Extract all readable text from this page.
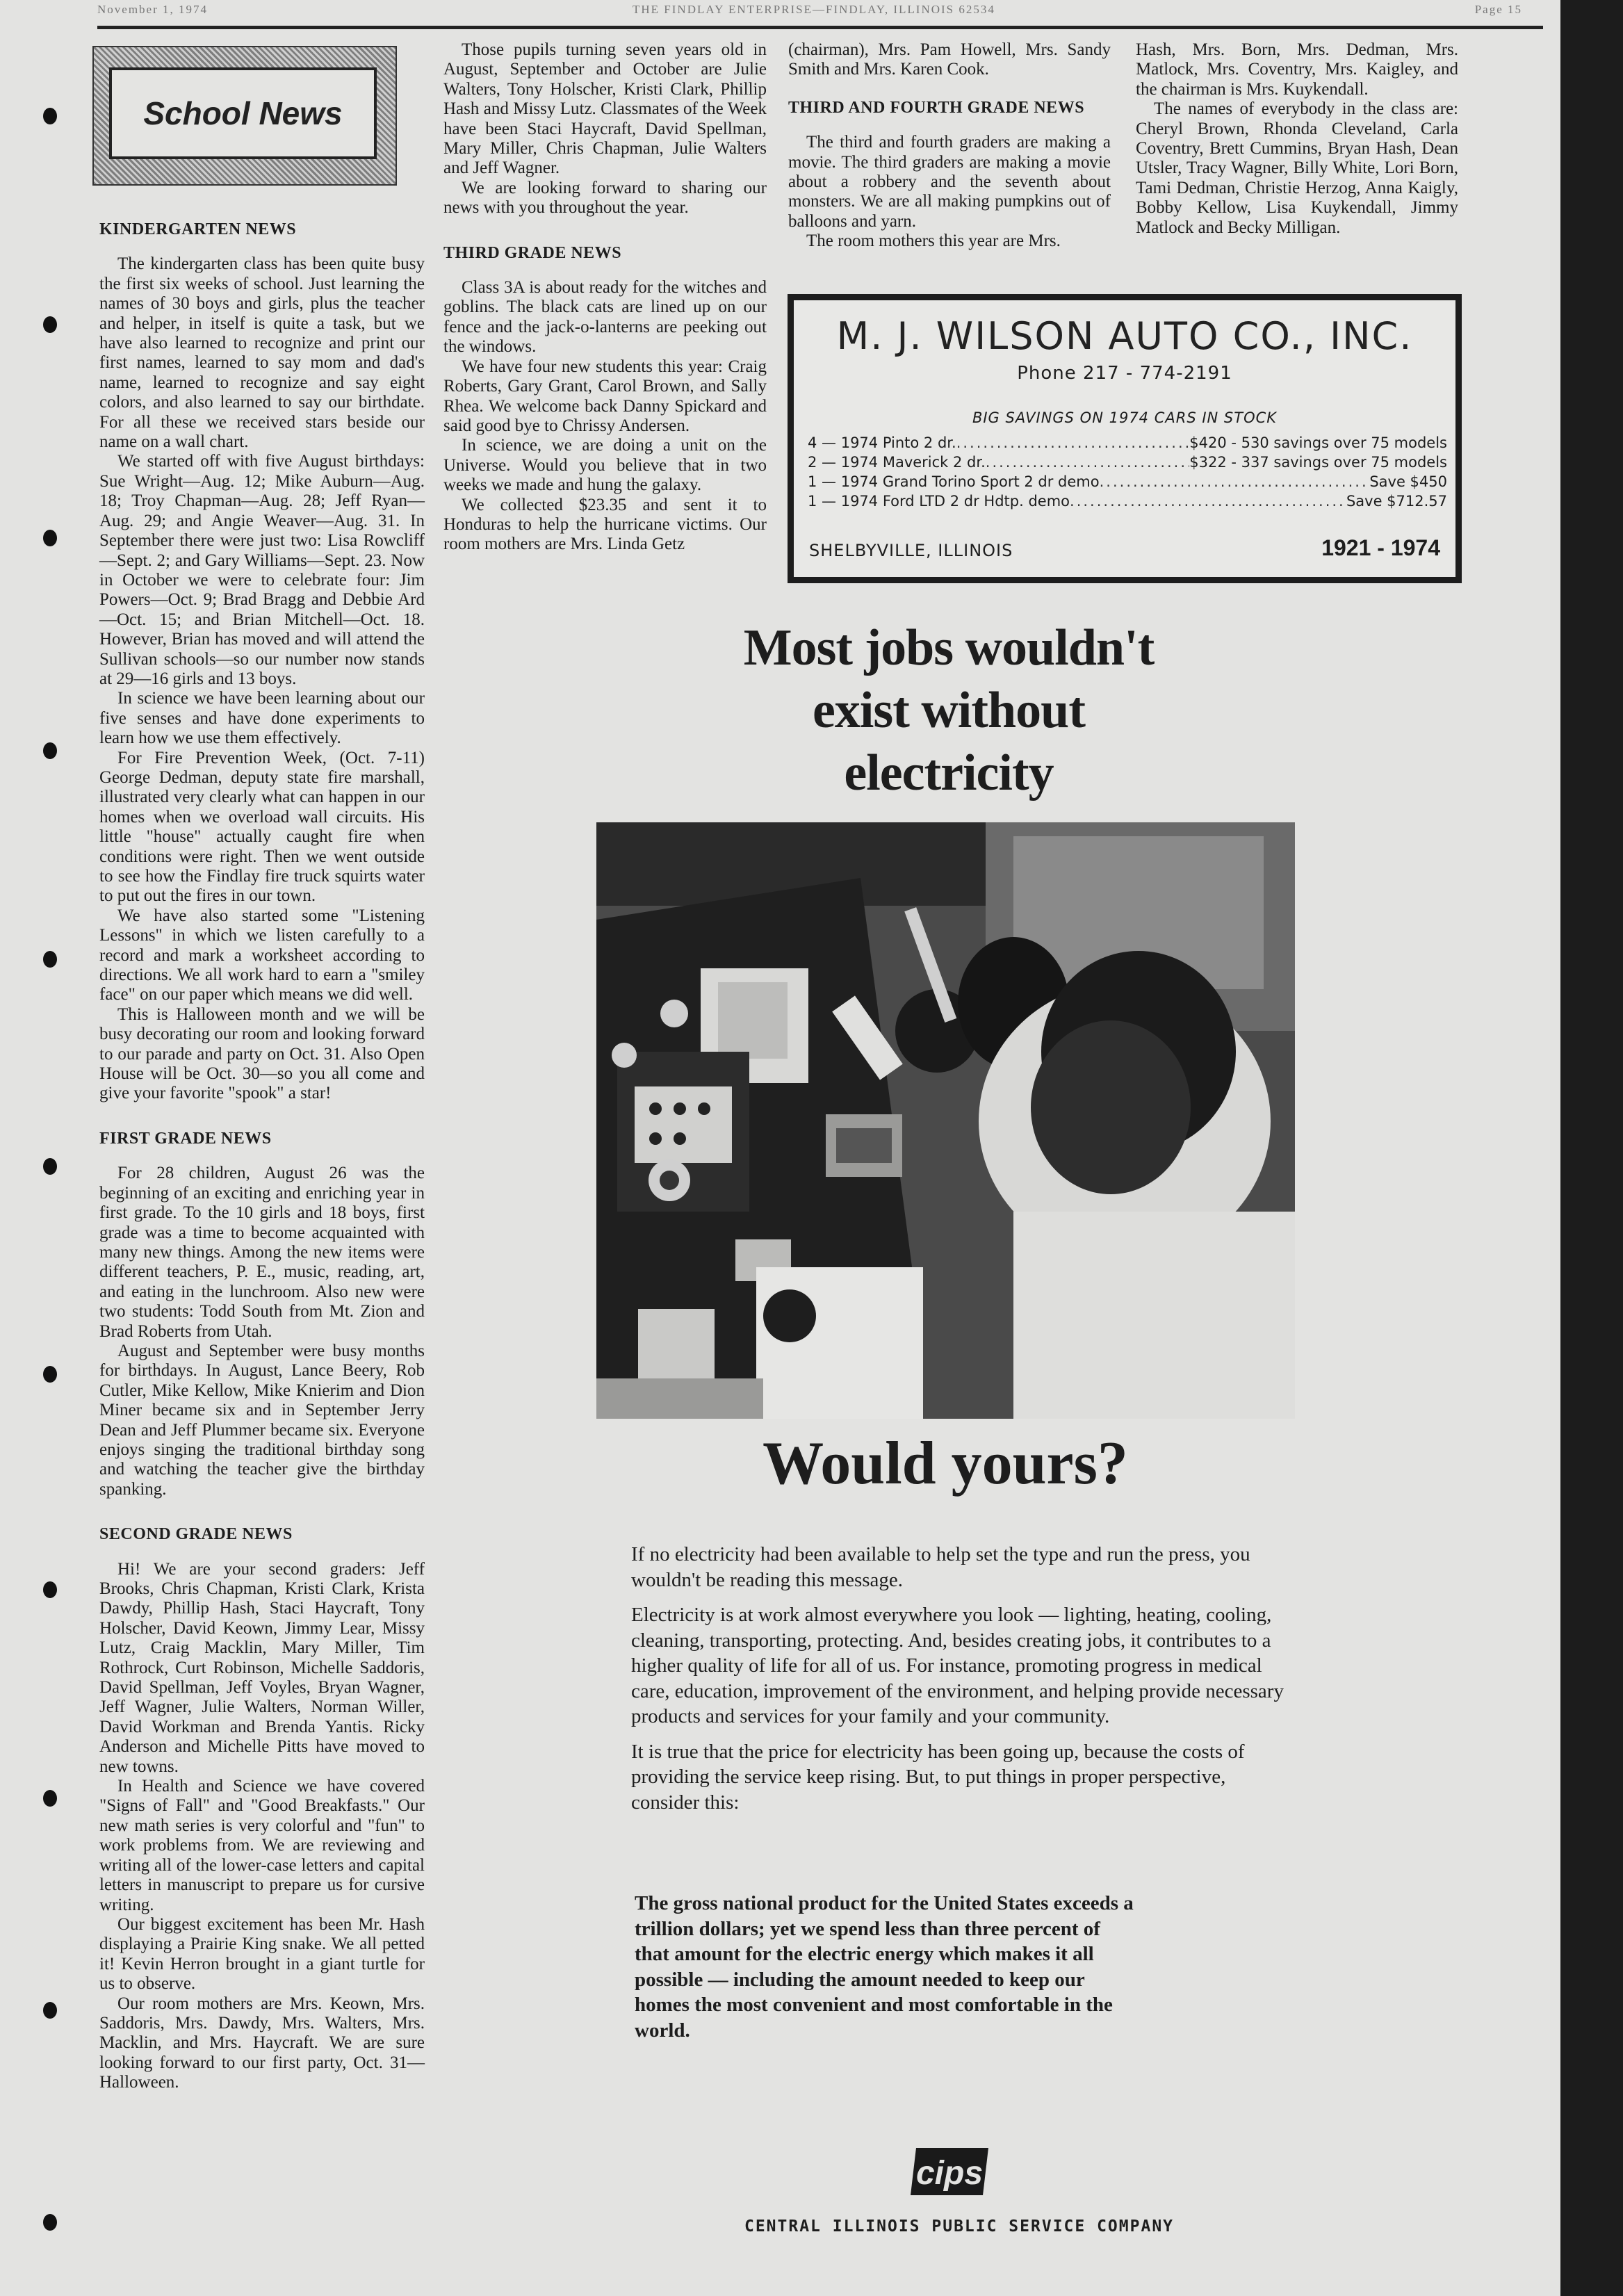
November 1, 1974	THE FINDLAY ENTERPRISE—FINDLAY, ILLINOIS 62534	Page 15
School News
KINDERGARTEN NEWS

The kindergarten class has been quite busy the first six weeks of school. Just learning the names of 30 boys and girls, plus the teacher and helper, in itself is quite a task, but we have also learned to recognize and print our first names, learned to say mom and dad's name, learned to recognize and say eight colors, and also learned to say our birthdate. For all these we received stars beside our name on a wall chart.

We started off with five August birthdays: Sue Wright—Aug. 12; Mike Auburn—Aug. 18; Troy Chapman—Aug. 28; Jeff Ryan—Aug. 29; and Angie Weaver—Aug. 31. In September there were just two: Lisa Rowcliff—Sept. 2; and Gary Williams—Sept. 23. Now in October we were to celebrate four: Jim Powers—Oct. 9; Brad Bragg and Debbie Ard—Oct. 15; and Brian Mitchell—Oct. 18. However, Brian has moved and will attend the Sullivan schools—so our number now stands at 29—16 girls and 13 boys.

In science we have been learning about our five senses and have done experiments to learn how we use them effectively.

For Fire Prevention Week, (Oct. 7-11) George Dedman, deputy state fire marshall, illustrated very clearly what can happen in our homes when we overload wall circuits. His little "house" actually caught fire when conditions were right. Then we went outside to see how the Findlay fire truck squirts water to put out the fires in our town.

We have also started some "Listening Lessons" in which we listen carefully to a record and mark a worksheet according to directions. We all work hard to earn a "smiley face" on our paper which means we did well.

This is Halloween month and we will be busy decorating our room and looking forward to our parade and party on Oct. 31. Also Open House will be Oct. 30—so you all come and give your favorite "spook" a star!

FIRST GRADE NEWS

For 28 children, August 26 was the beginning of an exciting and enriching year in first grade. To the 10 girls and 18 boys, first grade was a time to become acquainted with many new things. Among the new items were different teachers, P. E., music, reading, art, and eating in the lunchroom. Also new were two students: Todd South from Mt. Zion and Brad Roberts from Utah.

August and September were busy months for birthdays. In August, Lance Beery, Rob Cutler, Mike Kellow, Mike Knierim and Dion Miner became six and in September Jerry Dean and Jeff Plummer became six. Everyone enjoys singing the traditional birthday song and watching the teacher give the birthday spanking.

SECOND GRADE NEWS

Hi! We are your second graders: Jeff Brooks, Chris Chapman, Kristi Clark, Krista Dawdy, Phillip Hash, Staci Haycraft, Tony Holscher, David Keown, Jimmy Lear, Missy Lutz, Craig Macklin, Mary Miller, Tim Rothrock, Curt Robinson, Michelle Saddoris, David Spellman, Jeff Voyles, Bryan Wagner, Jeff Wagner, Julie Walters, Norman Willer, David Workman and Brenda Yantis. Ricky Anderson and Michelle Pitts have moved to new towns.

In Health and Science we have covered "Signs of Fall" and "Good Breakfasts." Our new math series is very colorful and "fun" to work problems from. We are reviewing and writing all of the lower-case letters and capital letters in manuscript to prepare us for cursive writing.

Our biggest excitement has been Mr. Hash displaying a Prairie King snake. We all petted it! Kevin Herron brought in a giant turtle for us to observe.

Our room mothers are Mrs. Keown, Mrs. Saddoris, Mrs. Dawdy, Mrs. Walters, Mrs. Macklin, and Mrs. Haycraft. We are sure looking forward to our first party, Oct. 31—Halloween.

Those pupils turning seven years old in August, September and October are Julie Walters, Tony Holscher, Kristi Clark, Phillip Hash and Missy Lutz. Classmates of the Week have been Staci Haycraft, David Spellman, Mary Miller, Chris Chapman, Julie Walters and Jeff Wagner.

We are looking forward to sharing our news with you throughout the year.

THIRD GRADE NEWS

Class 3A is about ready for the witches and goblins. The black cats are lined up on our fence and the jack-o-lanterns are peeking out the windows.

We have four new students this year: Craig Roberts, Gary Grant, Carol Brown, and Sally Rhea. We welcome back Danny Spickard and said good bye to Chrissy Andersen.

In science, we are doing a unit on the Universe. Would you believe that in two weeks we made and hung the galaxy.

We collected $23.35 and sent it to Honduras to help the hurricane victims. Our room mothers are Mrs. Linda Getz

(chairman), Mrs. Pam Howell, Mrs. Sandy Smith and Mrs. Karen Cook.

THIRD AND FOURTH GRADE NEWS

The third and fourth graders are making a movie. The third graders are making a movie about a robbery and the seventh about monsters. We are all making pumpkins out of balloons and yarn.

The room mothers this year are Mrs.

Hash, Mrs. Born, Mrs. Dedman, Mrs. Matlock, Mrs. Coventry, Mrs. Kaigley, and the chairman is Mrs. Kuykendall.

The names of everybody in the class are: Cheryl Brown, Rhonda Cleveland, Carla Coventry, Brett Cummins, Bryan Hash, Dean Utsler, Tracy Wagner, Billy White, Lori Born, Tami Dedman, Christie Herzog, Anna Kaigly, Bobby Kellow, Lisa Kuykendall, Jimmy Matlock and Becky Milligan.

M. J. WILSON AUTO CO., INC.
Phone 217 - 774-2191
BIG SAVINGS ON 1974 CARS IN STOCK
4 — 1974 Pinto 2 dr. .....	$420 - 530 savings over 75 models
2 — 1974 Maverick 2 dr. .....	$322 - 337 savings over 75 models
1 — 1974 Grand Torino Sport 2 dr demo .....	Save $450
1 — 1974 Ford LTD 2 dr Hdtp. demo .....	Save $712.57
SHELBYVILLE, ILLINOIS	1921 - 1974
Most jobs wouldn't
exist without
electricity
Would yours?

If no electricity had been available to help set the type and run the press, you wouldn't be reading this message.

Electricity is at work almost everywhere you look — lighting, heating, cooling, cleaning, transporting, protecting. And, besides creating jobs, it contributes to a higher quality of life for all of us. For instance, promoting progress in medical care, education, improvement of the environment, and helping provide necessary products and services for your family and your community.

It is true that the price for electricity has been going up, because the costs of providing the service keep rising. But, to put things in proper perspective, consider this:

The gross national product for the United States exceeds a trillion dollars; yet we spend less than three percent of that amount for the electric energy which makes it all possible — including the amount needed to keep our homes the most convenient and most comfortable in the world.
cips
CENTRAL ILLINOIS PUBLIC SERVICE COMPANY
